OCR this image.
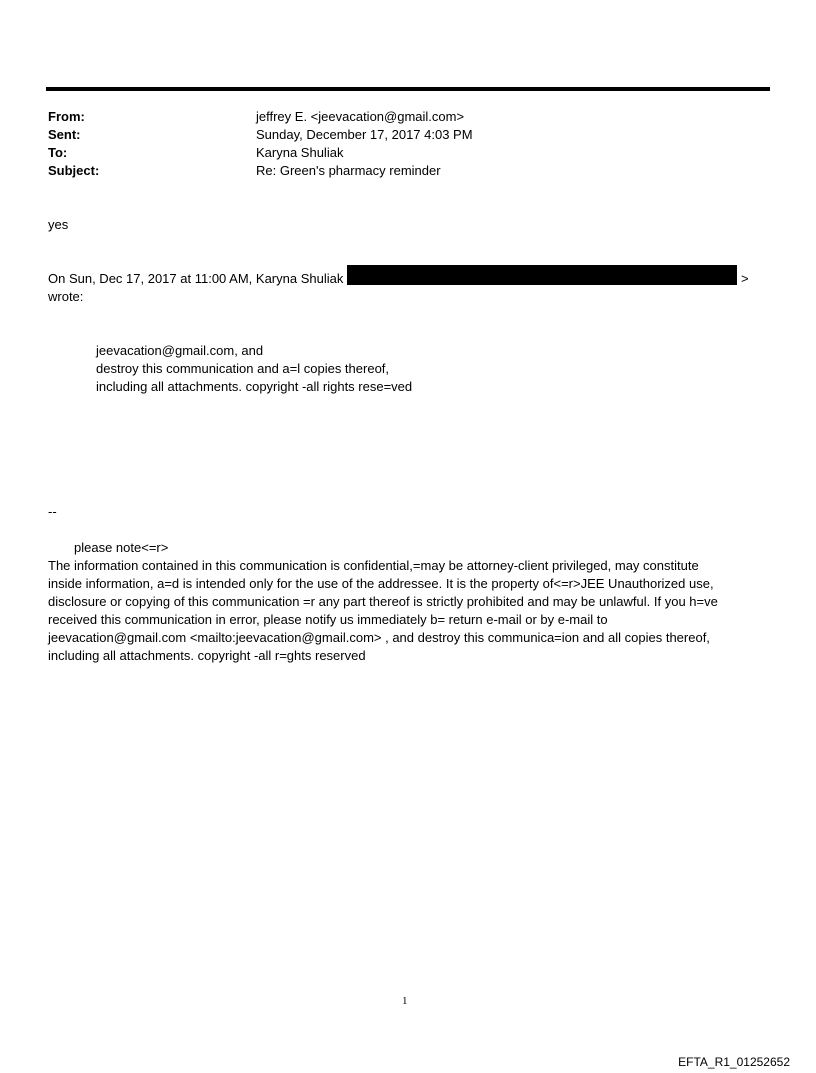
From:	jeffrey E. <jeevacation@gmail.com>
Sent:	Sunday, December 17, 2017 4:03 PM
To:	Karyna Shuliak
Subject:	Re: Green's pharmacy reminder
yes
On Sun, Dec 17, 2017 at 11:00 AM, Karyna Shuliak	>
wrote:
jeevacation@gmail.com, and
destroy this communication and a=l copies thereof,
including all attachments. copyright -all rights rese=ved
--
please note<=r>
The information contained in this communication is confidential,=may be attorney-client privileged, may constitute
inside information, a=d is intended only for the use of the addressee. It is the property of<=r>JEE Unauthorized use,
disclosure or copying of this communication =r any part thereof is strictly prohibited and may be unlawful. If you h=ve
received this communication in error, please notify us immediately b= return e-mail or by e-mail to
jeevacation@gmail.com <mailto:jeevacation@gmail.com> , and destroy this communica=ion and all copies thereof,
including all attachments. copyright -all r=ghts reserved
1
EFTA_R1_01252652
